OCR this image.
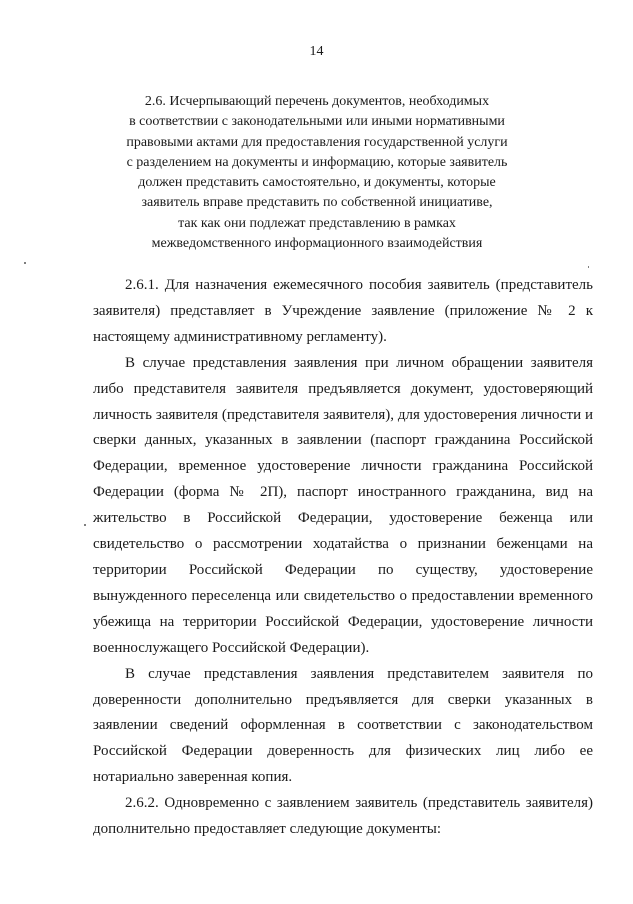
14
2.6. Исчерпывающий перечень документов, необходимых
в соответствии с законодательными или иными нормативными
правовыми актами для предоставления государственной услуги
с разделением на документы и информацию, которые заявитель
должен представить самостоятельно, и документы, которые
заявитель вправе представить по собственной инициативе,
так как они подлежат представлению в рамках
межведомственного информационного взаимодействия

2.6.1. Для назначения ежемесячного пособия заявитель (представитель заявителя) представляет в Учреждение заявление (приложение № 2 к настоящему административному регламенту).

В случае представления заявления при личном обращении заявителя либо представителя заявителя предъявляется документ, удостоверяющий личность заявителя (представителя заявителя), для удостоверения личности и сверки данных, указанных в заявлении (паспорт гражданина Российской Федерации, временное удостоверение личности гражданина Российской Федерации (форма № 2П), паспорт иностранного гражданина, вид на жительство в Российской Федерации, удостоверение беженца или свидетельство о рассмотрении ходатайства о признании беженцами на территории Российской Федерации по существу, удостоверение вынужденного переселенца или свидетельство о предоставлении временного убежища на территории Российской Федерации, удостоверение личности военнослужащего Российской Федерации).

В случае представления заявления представителем заявителя по доверенности дополнительно предъявляется для сверки указанных в заявлении сведений оформленная в соответствии с законодательством Российской Федерации доверенность для физических лиц либо ее нотариально заверенная копия.

2.6.2. Одновременно с заявлением заявитель (представитель заявителя) дополнительно предоставляет следующие документы:
